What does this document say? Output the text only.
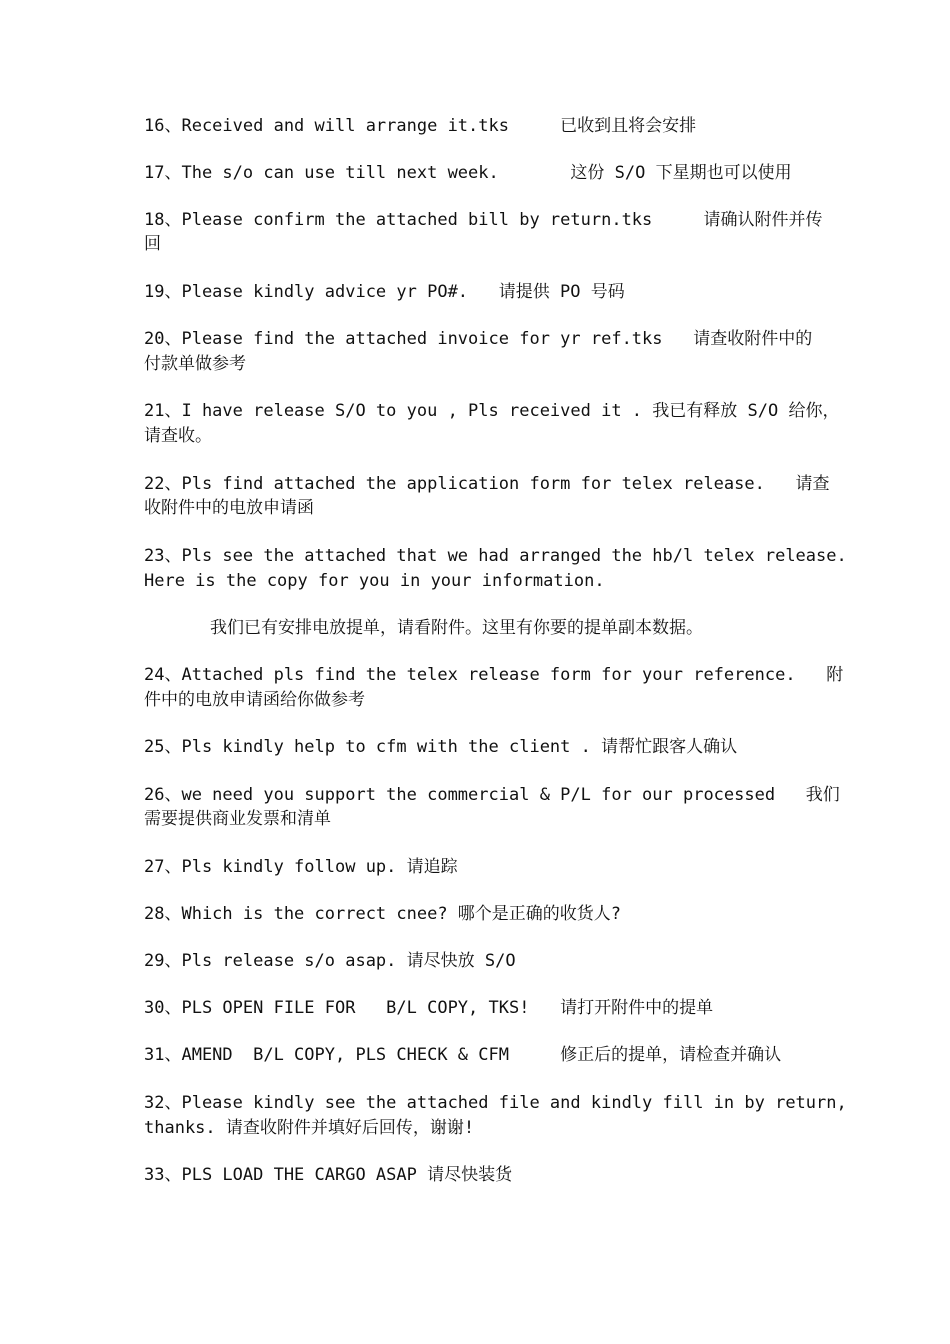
16、Received and will arrange it.tks     已收到且将会安排
17、The s/o can use till next week.       这份 S/O 下星期也可以使用
18、Please confirm the attached bill by return.tks     请确认附件并传
回
19、Please kindly advice yr PO#.   请提供 PO 号码
20、Please find the attached invoice for yr ref.tks   请查收附件中的
付款单做参考
21、I have release S/O to you , Pls received it . 我已有释放 S/O 给你，
请查收。
22、Pls find attached the application form for telex release.   请查
收附件中的电放申请函
23、Pls see the attached that we had arranged the hb/l telex release.
Here is the copy for you in your information.
我们已有安排电放提单，请看附件。这里有你要的提单副本数据。
24、Attached pls find the telex release form for your reference.   附
件中的电放申请函给你做参考
25、Pls kindly help to cfm with the client . 请帮忙跟客人确认
26、we need you support the commercial & P/L for our processed   我们
需要提供商业发票和清单
27、Pls kindly follow up. 请追踪
28、Which is the correct cnee? 哪个是正确的收货人?
29、Pls release s/o asap. 请尽快放 S/O
30、PLS OPEN FILE FOR   B/L COPY, TKS!   请打开附件中的提单
31、AMEND  B/L COPY, PLS CHECK & CFM     修正后的提单，请检查并确认
32、Please kindly see the attached file and kindly fill in by return,
thanks. 请查收附件并填好后回传，谢谢!
33、PLS LOAD THE CARGO ASAP 请尽快装货
